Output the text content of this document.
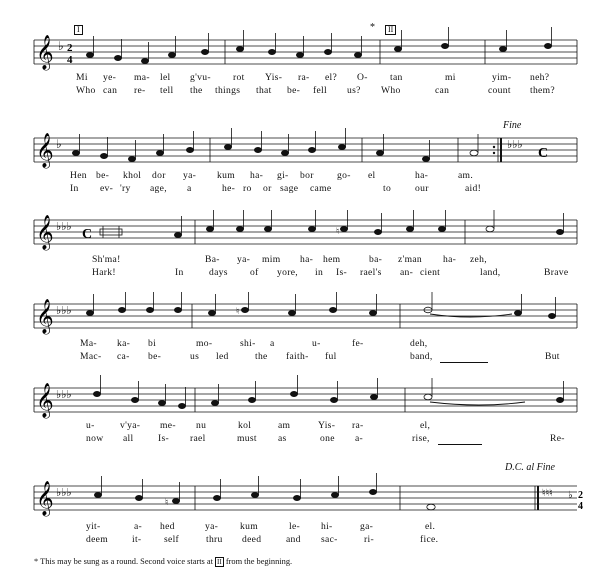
I	*	II
𝄞 ♭ 2
4
Mi ye- ma- lel g'vu- rot Yis- ra- el? O- tan	mi	yim- neh?
Who can re- tell the things that be- fell us? Who	can	count them?
Fine
𝄞 ♭	♭♭♭
C
Hen be- khol dor ya- kum ha- gi- bor go- el	ha-	am.
In ev- 'ry age, a	he- ro or sage came	to our	aid!
𝄞 ♭♭♭
C	♮
Sh'ma!	Ba- ya- mim ha- hem	ba- z'man ha- zeh,
Hark!	In	days of yore, in Is- rael's an- cient	land,	Brave
𝄞 ♭♭♭	♮
Ma- ka- bi	mo-	shi- a	u-	fe-	deh,
Mac- ca- be-	us led	the faith- ful	band,	But
𝄞 ♭♭♭
u-	v'ya- me- nu	kol	am	Yis- ra-	el,
now all	Is- rael	must as	one a-	rise,	Re-
D.C. al Fine
𝄞 ♭♭♭	♮♮♮ ♭ 2
4
♮
yit-	a- hed	ya- kum	le- hi-	ga-	el.
deem	it- self	thru deed	and sac-	ri-	fice.
* This may be sung as a round. Second voice starts at II from the beginning.
